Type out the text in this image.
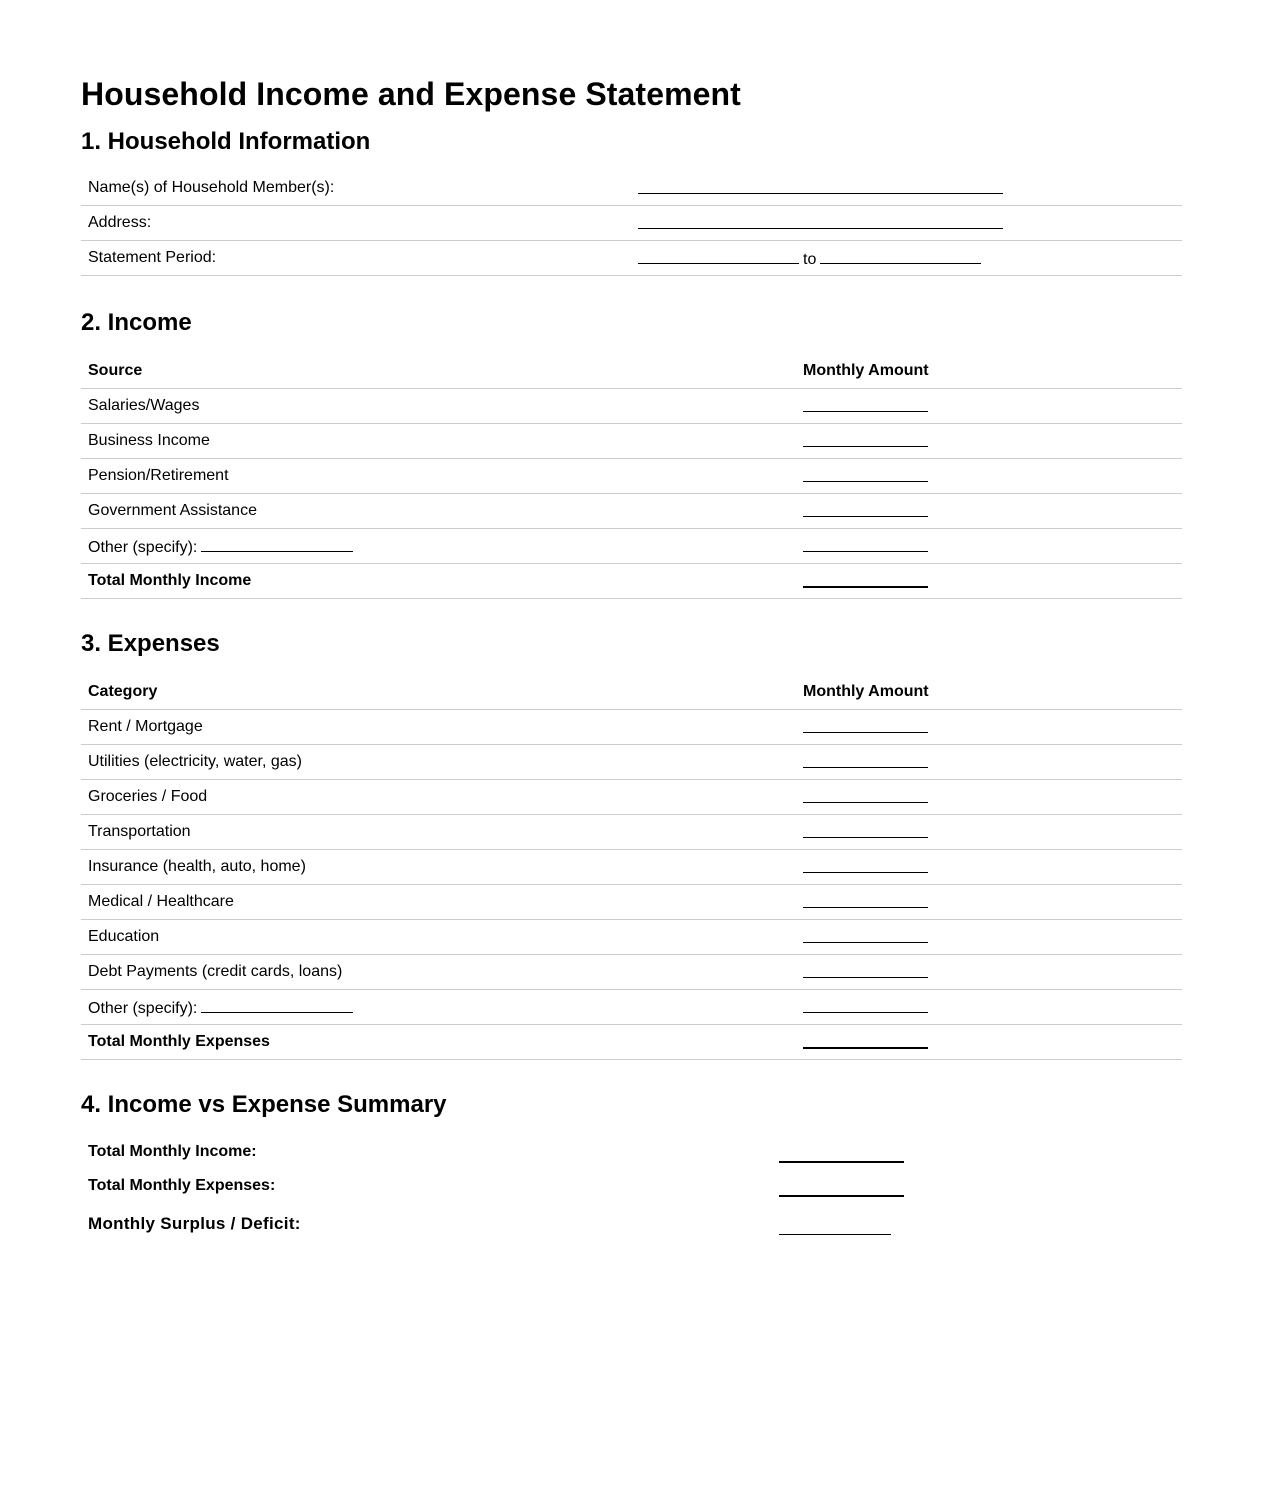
Household Income and Expense Statement
1. Household Information
Name(s) of Household Member(s):	
Address:	
Statement Period:	to
2. Income
Source	Monthly Amount
Salaries/Wages	
Business Income	
Pension/Retirement	
Government Assistance	
Other (specify):	
Total Monthly Income	
3. Expenses
Category	Monthly Amount
Rent / Mortgage	
Utilities (electricity, water, gas)	
Groceries / Food	
Transportation	
Insurance (health, auto, home)	
Medical / Healthcare	
Education	
Debt Payments (credit cards, loans)	
Other (specify):	
Total Monthly Expenses	
4. Income vs Expense Summary
Total Monthly Income:
Total Monthly Expenses:
Monthly Surplus / Deficit:
